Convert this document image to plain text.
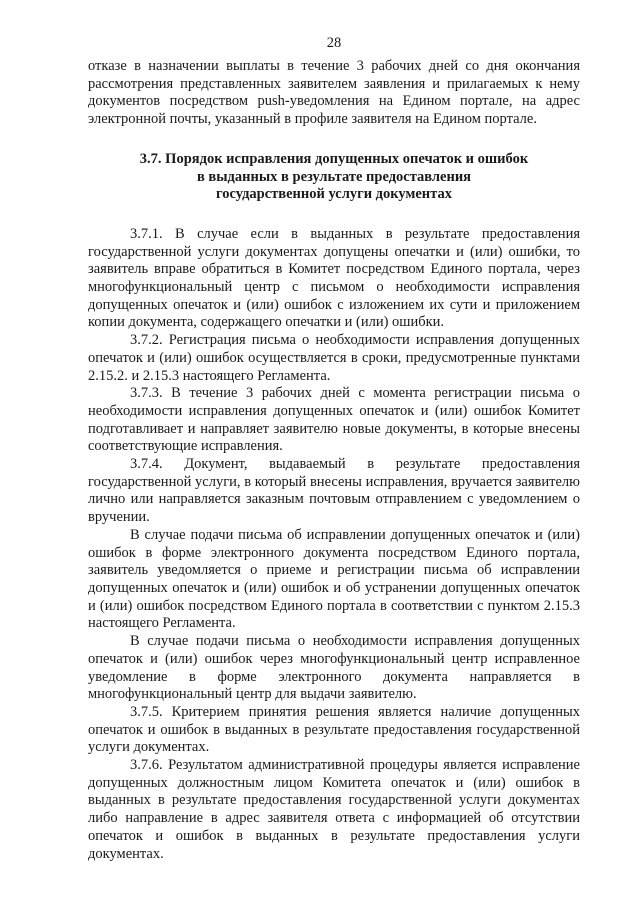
28

отказе в назначении выплаты в течение 3 рабочих дней со дня окончания рассмотрения представленных заявителем заявления и прилагаемых к нему документов посредством push-уведомления на Едином портале, на адрес электронной почты, указанный в профиле заявителя на Едином портале.

3.7. Порядок исправления допущенных опечаток и ошибок
в выданных в результате предоставления
государственной услуги документах

3.7.1. В случае если в выданных в результате предоставления государственной услуги документах допущены опечатки и (или) ошибки, то заявитель вправе обратиться в Комитет посредством Единого портала, через многофункциональный центр с письмом о необходимости исправления допущенных опечаток и (или) ошибок с изложением их сути и приложением копии документа, содержащего опечатки и (или) ошибки.

3.7.2. Регистрация письма о необходимости исправления допущенных опечаток и (или) ошибок осуществляется в сроки, предусмотренные пунктами 2.15.2. и 2.15.3 настоящего Регламента.

3.7.3. В течение 3 рабочих дней с момента регистрации письма о необходимости исправления допущенных опечаток и (или) ошибок Комитет подготавливает и направляет заявителю новые документы, в которые внесены соответствующие исправления.

3.7.4. Документ, выдаваемый в результате предоставления государственной услуги, в который внесены исправления, вручается заявителю лично или направляется заказным почтовым отправлением с уведомлением о вручении.

В случае подачи письма об исправлении допущенных опечаток и (или) ошибок в форме электронного документа посредством Единого портала, заявитель уведомляется о приеме и регистрации письма об исправлении допущенных опечаток и (или) ошибок и об устранении допущенных опечаток и (или) ошибок посредством Единого портала в соответствии с пунктом 2.15.3 настоящего Регламента.

В случае подачи письма о необходимости исправления допущенных опечаток и (или) ошибок через многофункциональный центр исправленное уведомление в форме электронного документа направляется в многофункциональный центр для выдачи заявителю.

3.7.5. Критерием принятия решения является наличие допущенных опечаток и ошибок в выданных в результате предоставления государственной услуги документах.

3.7.6. Результатом административной процедуры является исправление допущенных должностным лицом Комитета опечаток и (или) ошибок в выданных в результате предоставления государственной услуги документах либо направление в адрес заявителя ответа с информацией об отсутствии опечаток и ошибок в выданных в результате предоставления услуги документах.
